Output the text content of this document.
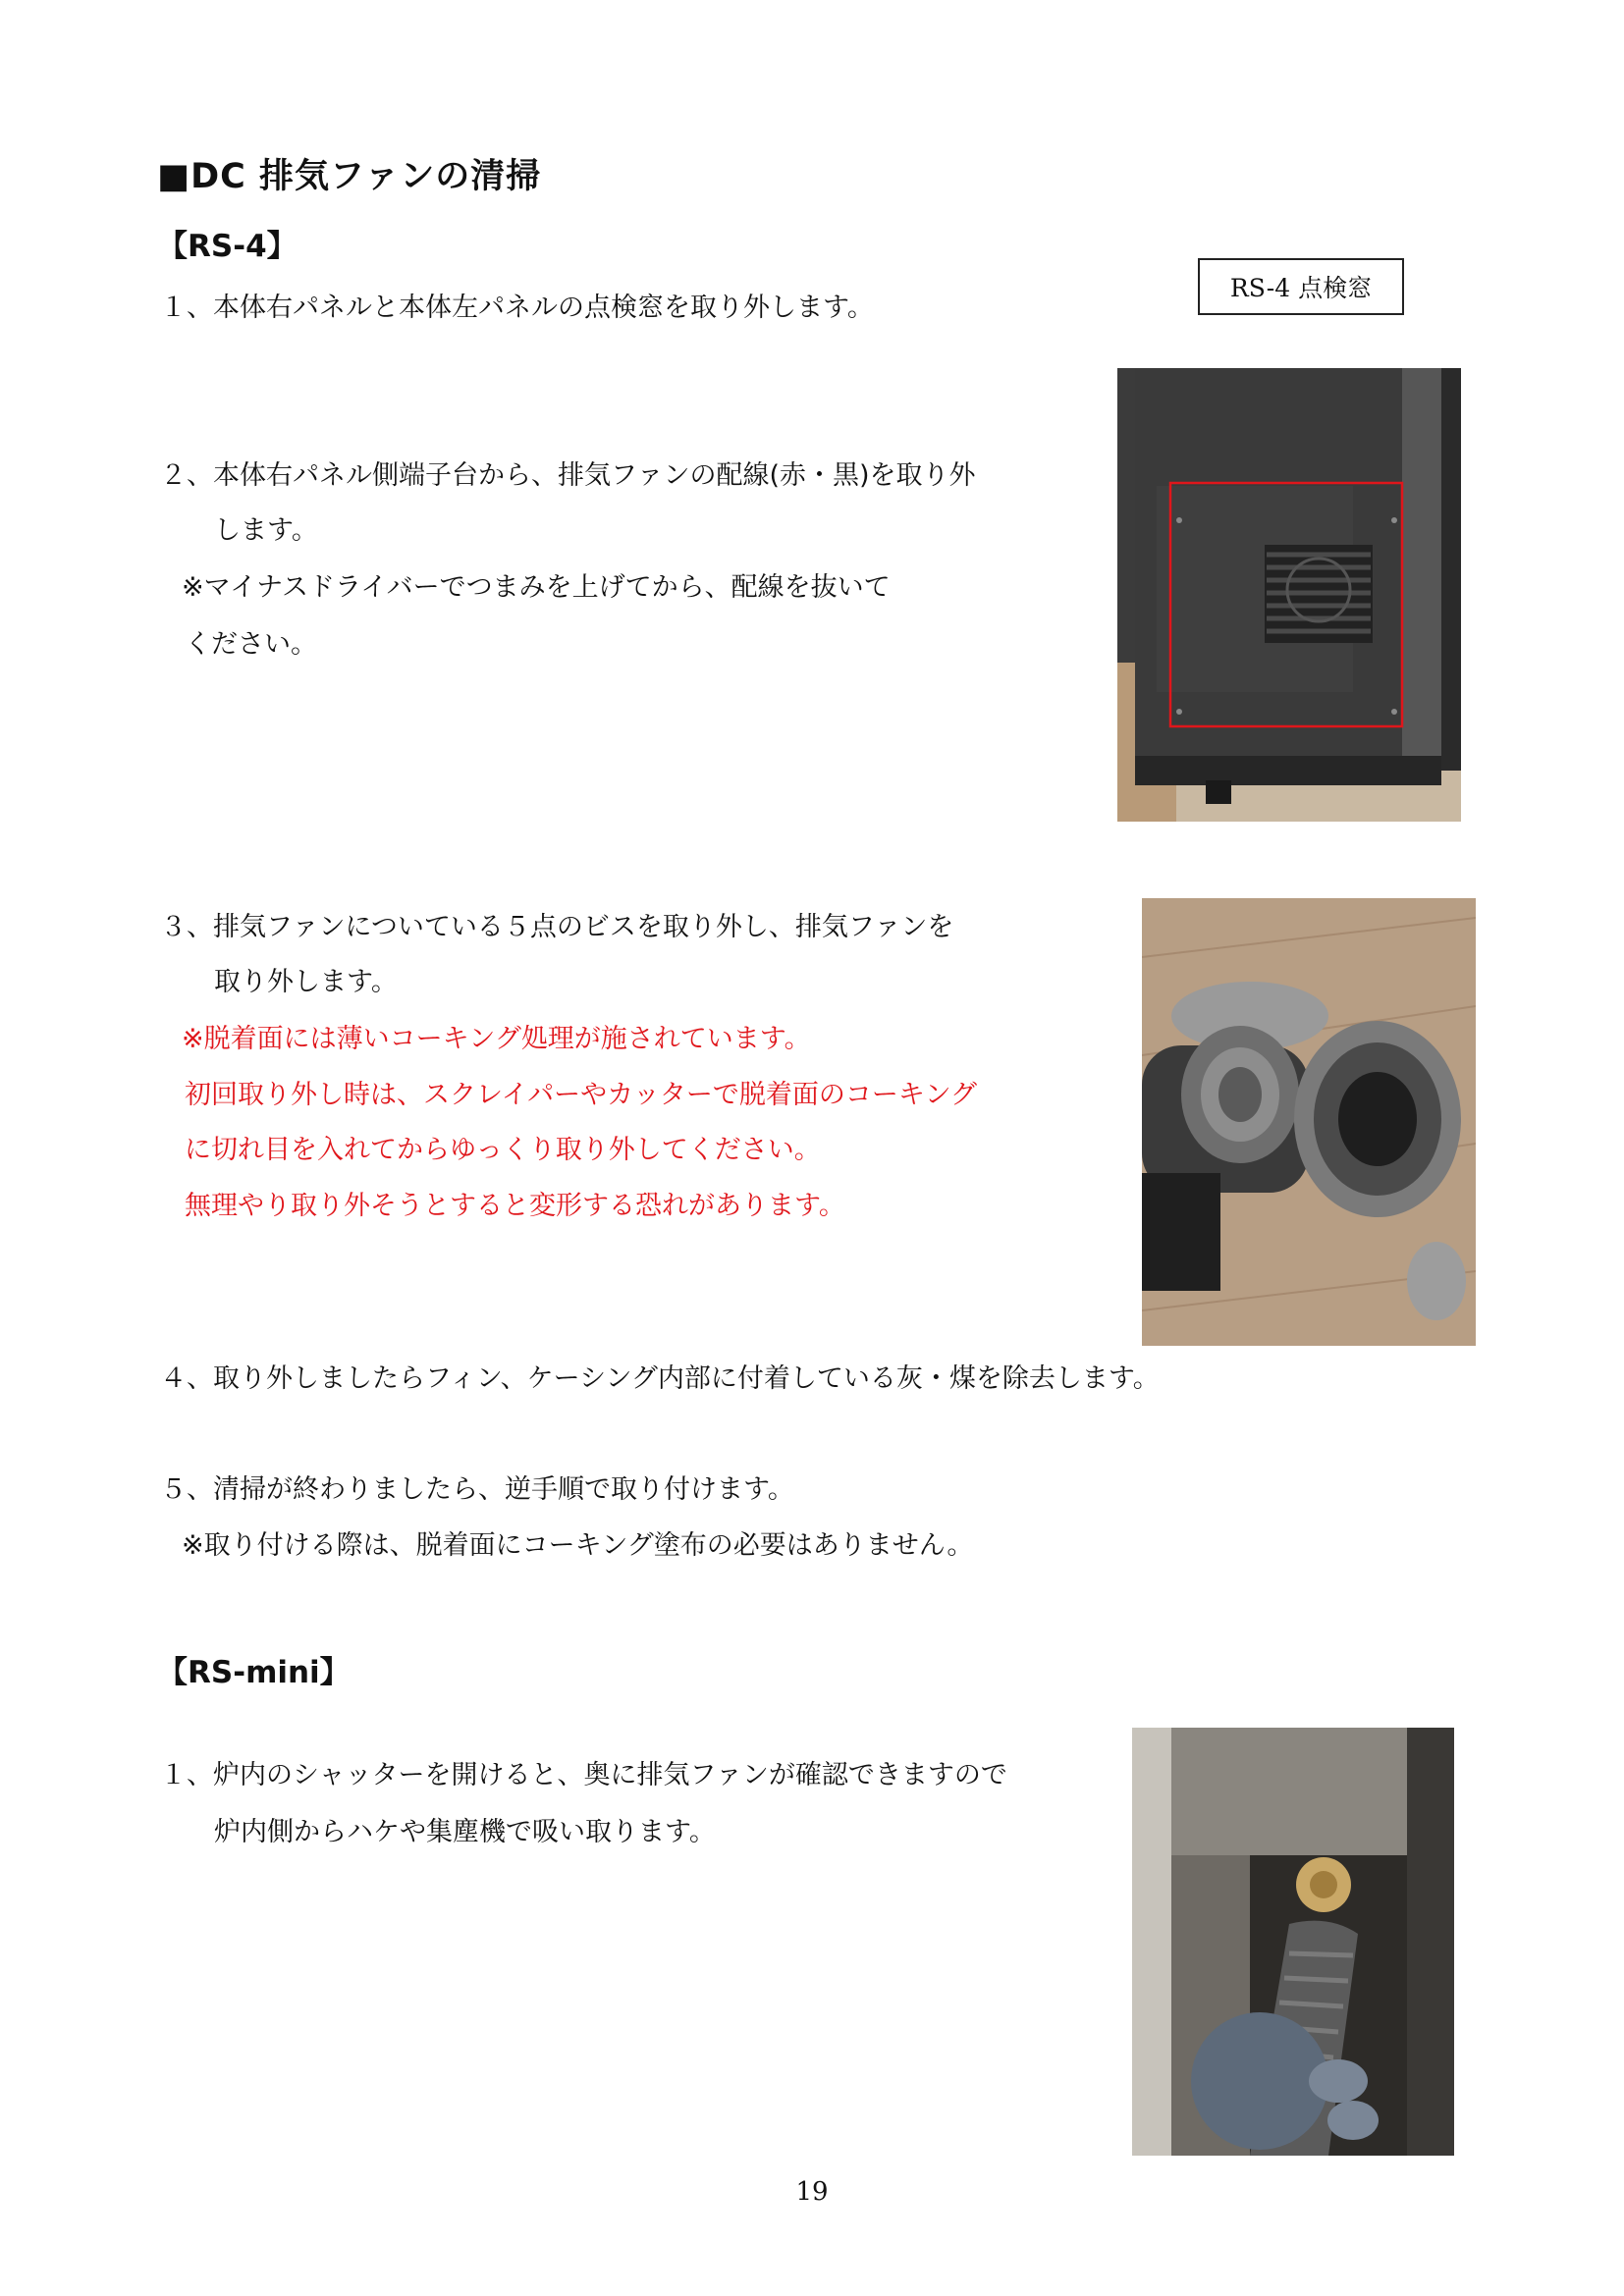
■DC 排気ファンの清掃
【RS-4】
RS-4 点検窓
１、本体右パネルと本体左パネルの点検窓を取り外します。
２、本体右パネル側端子台から、排気ファンの配線(赤・黒)を取り外
します。
※マイナスドライバーでつまみを上げてから、配線を抜いて
ください。
３、排気ファンについている５点のビスを取り外し、排気ファンを
取り外します。
※脱着面には薄いコーキング処理が施されています。
初回取り外し時は、スクレイパーやカッターで脱着面のコーキング
に切れ目を入れてからゆっくり取り外してください。
無理やり取り外そうとすると変形する恐れがあります。
４、取り外しましたらフィン、ケーシング内部に付着している灰・煤を除去します。
５、清掃が終わりましたら、逆手順で取り付けます。
※取り付ける際は、脱着面にコーキング塗布の必要はありません。
【RS-mini】
１、炉内のシャッターを開けると、奥に排気ファンが確認できますので
炉内側からハケや集塵機で吸い取ります。
19
